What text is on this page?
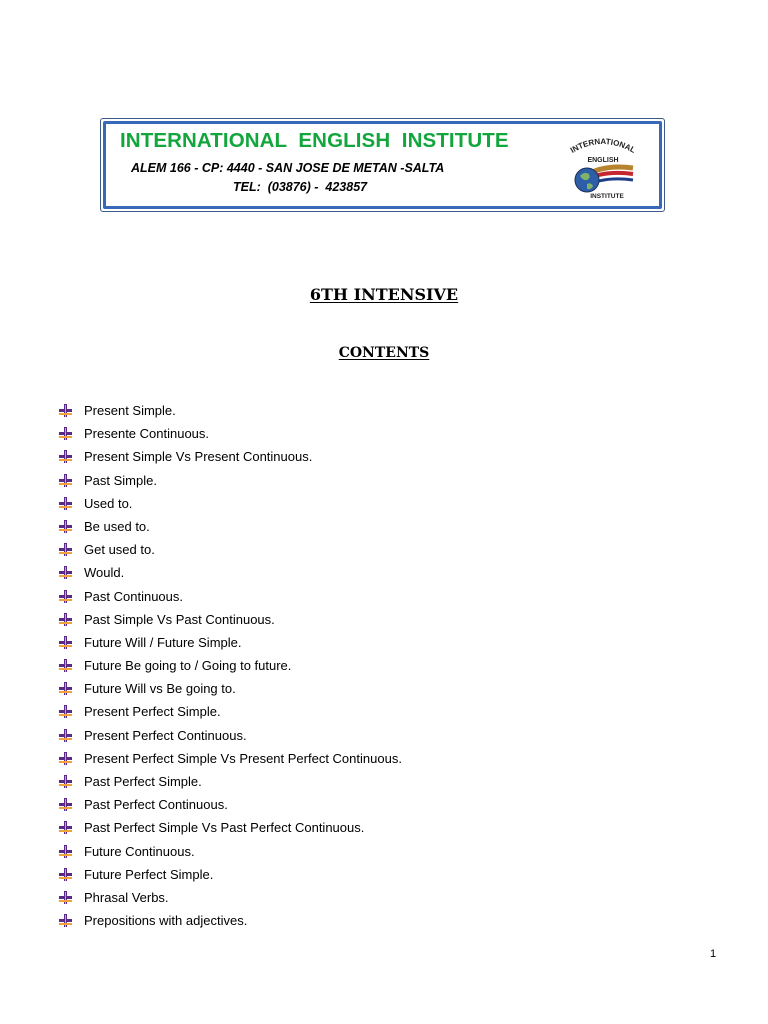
INTERNATIONAL  ENGLISH  INSTITUTE
ALEM 166 - CP: 4440 - SAN JOSE DE METAN -SALTA
TEL:  (03876) -  423857
INTERNATIONAL
ENGLISH
INSTITUTE
6TH INTENSIVE
CONTENTS
Present Simple.
Presente Continuous.
Present Simple Vs Present Continuous.
Past Simple.
Used to.
Be used to.
Get used to.
Would.
Past Continuous.
Past Simple Vs Past Continuous.
Future Will / Future Simple.
Future Be going to / Going to future.
Future Will vs Be going to.
Present Perfect Simple.
Present Perfect Continuous.
Present Perfect Simple Vs Present Perfect Continuous.
Past Perfect Simple.
Past Perfect Continuous.
Past Perfect Simple Vs Past Perfect Continuous.
Future Continuous.
Future Perfect Simple.
Phrasal Verbs.
Prepositions with adjectives.
1
